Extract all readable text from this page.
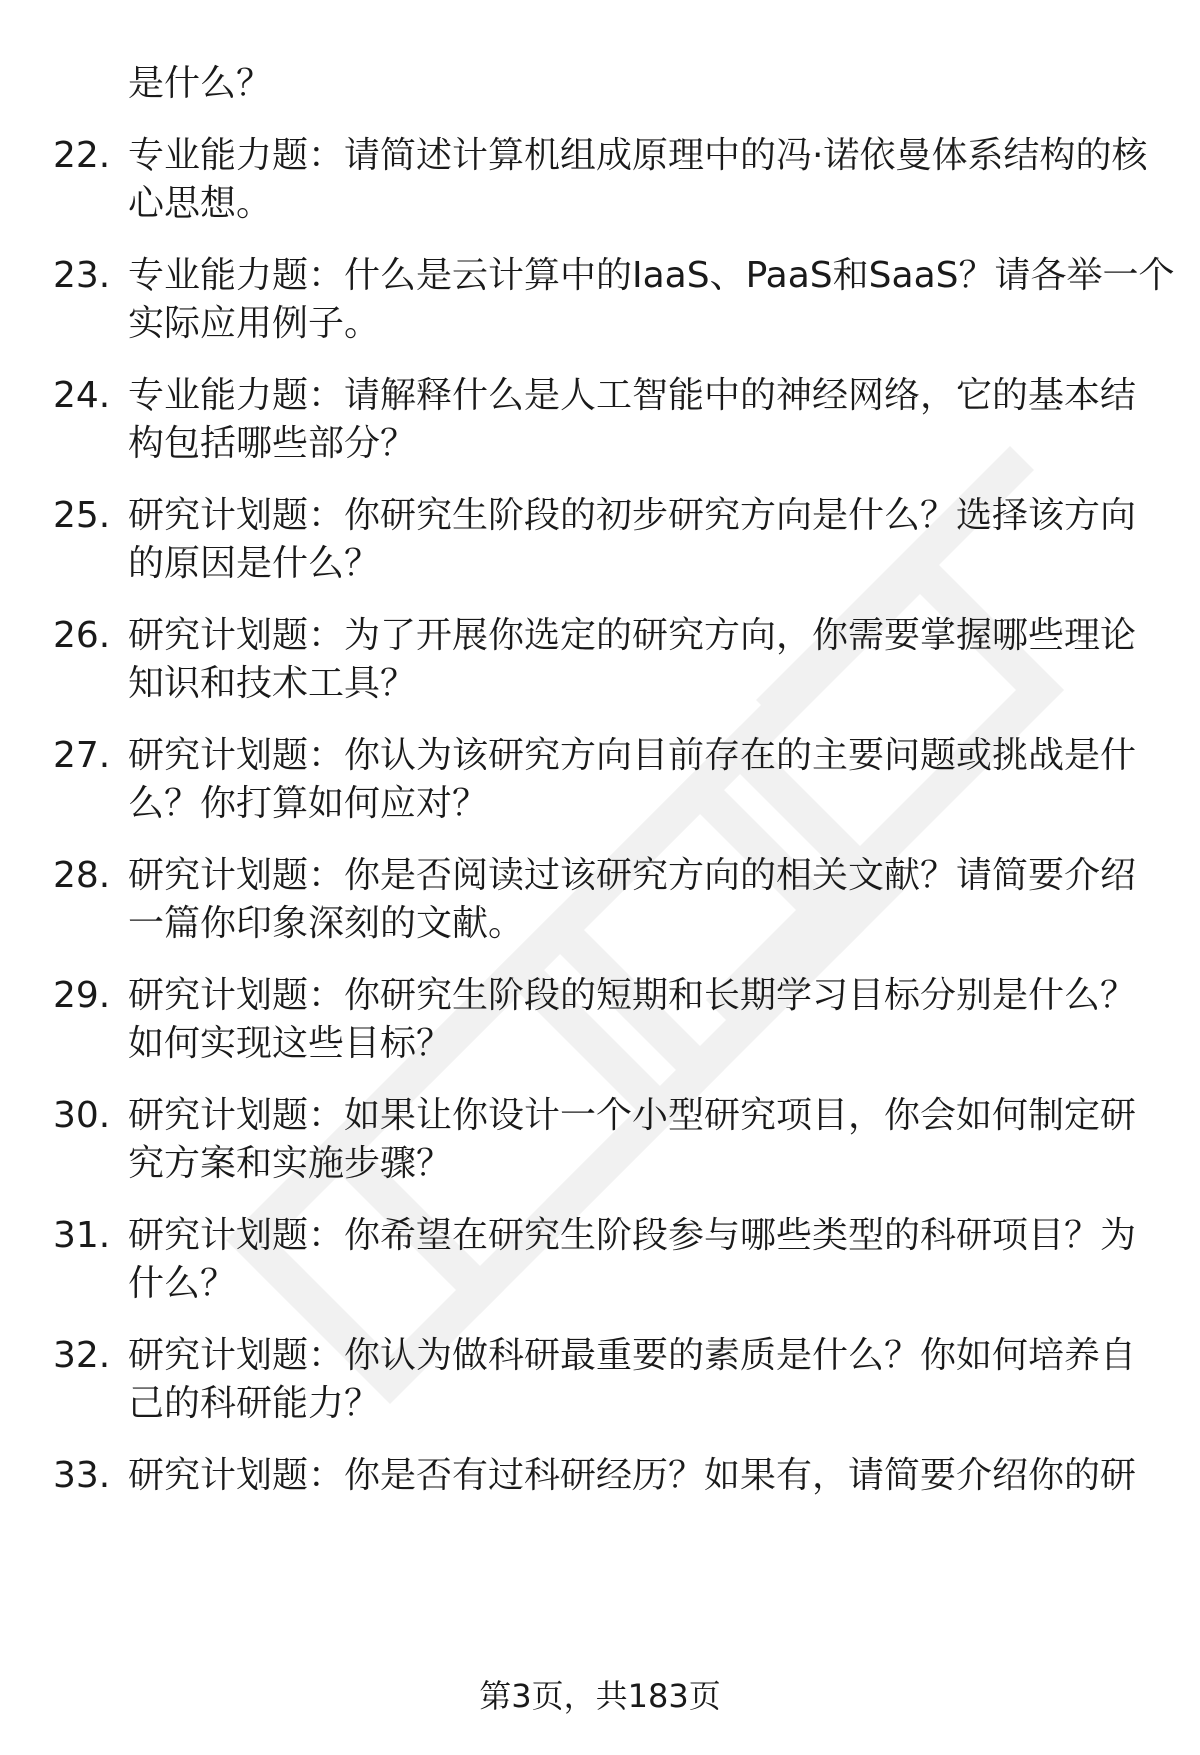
是什么？
22. 专业能力题：请简述计算机组成原理中的冯·诺依曼体系结构的核
心思想。
23. 专业能力题：什么是云计算中的IaaS、PaaS和SaaS？请各举一个
实际应用例子。
24. 专业能力题：请解释什么是人工智能中的神经网络，它的基本结
构包括哪些部分？
25. 研究计划题：你研究生阶段的初步研究方向是什么？选择该方向
的原因是什么？
26. 研究计划题：为了开展你选定的研究方向，你需要掌握哪些理论
知识和技术工具？
27. 研究计划题：你认为该研究方向目前存在的主要问题或挑战是什
么？你打算如何应对？
28. 研究计划题：你是否阅读过该研究方向的相关文献？请简要介绍
一篇你印象深刻的文献。
29. 研究计划题：你研究生阶段的短期和长期学习目标分别是什么？
如何实现这些目标？
30. 研究计划题：如果让你设计一个小型研究项目，你会如何制定研
究方案和实施步骤？
31. 研究计划题：你希望在研究生阶段参与哪些类型的科研项目？为
什么？
32. 研究计划题：你认为做科研最重要的素质是什么？你如何培养自
己的科研能力？
33. 研究计划题：你是否有过科研经历？如果有，请简要介绍你的研
第3页，共183页
